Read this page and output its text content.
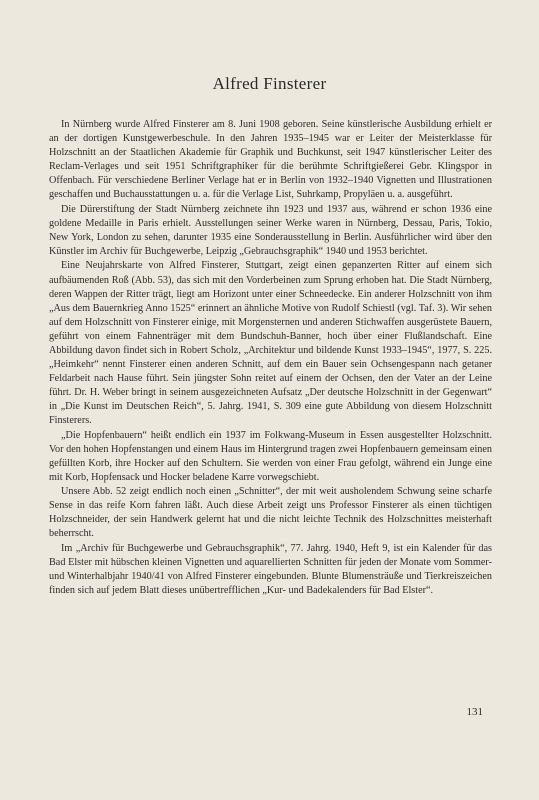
Alfred Finsterer

In Nürnberg wurde Alfred Finsterer am 8. Juni 1908 geboren. Seine künstlerische Ausbildung erhielt er an der dortigen Kunstgewerbeschule. In den Jahren 1935–1945 war er Leiter der Meisterklasse für Holzschnitt an der Staatlichen Akademie für Graphik und Buchkunst, seit 1947 künstlerischer Leiter des Reclam-Verlages und seit 1951 Schriftgraphiker für die berühmte Schriftgießerei Gebr. Klingspor in Offenbach. Für verschiedene Berliner Verlage hat er in Berlin von 1932–1940 Vignetten und Illustrationen geschaffen und Buchausstattungen u. a. für die Verlage List, Suhrkamp, Propyläen u. a. ausgeführt.

Die Dürerstiftung der Stadt Nürnberg zeichnete ihn 1923 und 1937 aus, während er schon 1936 eine goldene Medaille in Paris erhielt. Ausstellungen seiner Werke waren in Nürnberg, Dessau, Paris, Tokio, New York, London zu sehen, darunter 1935 eine Sonderausstellung in Berlin. Ausführlicher wird über den Künstler im Archiv für Buchgewerbe, Leipzig „Gebrauchsgraphik“ 1940 und 1953 berichtet.

Eine Neujahrskarte von Alfred Finsterer, Stuttgart, zeigt einen gepanzerten Ritter auf einem sich aufbäumenden Roß (Abb. 53), das sich mit den Vorderbeinen zum Sprung erhoben hat. Die Stadt Nürnberg, deren Wappen der Ritter trägt, liegt am Horizont unter einer Schneedecke. Ein anderer Holzschnitt von ihm „Aus dem Bauernkrieg Anno 1525“ erinnert an ähnliche Motive von Rudolf Schiestl (vgl. Taf. 3). Wir sehen auf dem Holzschnitt von Finsterer einige, mit Morgensternen und anderen Stichwaffen ausgerüstete Bauern, geführt von einem Fahnenträger mit dem Bundschuh-Banner, hoch über einer Flußlandschaft. Eine Abbildung davon findet sich in Robert Scholz, „Architektur und bildende Kunst 1933–1945“, 1977, S. 225. „Heimkehr“ nennt Finsterer einen anderen Schnitt, auf dem ein Bauer sein Ochsengespann nach getaner Feldarbeit nach Hause führt. Sein jüngster Sohn reitet auf einem der Ochsen, den der Vater an der Leine führt. Dr. H. Weber bringt in seinem ausgezeichneten Aufsatz „Der deutsche Holzschnitt in der Gegenwart“ in „Die Kunst im Deutschen Reich“, 5. Jahrg. 1941, S. 309 eine gute Abbildung von diesem Holzschnitt Finsterers.

„Die Hopfenbauern“ heißt endlich ein 1937 im Folkwang-Museum in Essen ausgestellter Holzschnitt. Vor den hohen Hopfenstangen und einem Haus im Hintergrund tragen zwei Hopfenbauern gemeinsam einen gefüllten Korb, ihre Hocker auf den Schultern. Sie werden von einer Frau gefolgt, während ein Junge eine mit Korb, Hopfensack und Hocker beladene Karre vorwegschiebt.

Unsere Abb. 52 zeigt endlich noch einen „Schnitter“, der mit weit ausholendem Schwung seine scharfe Sense in das reife Korn fahren läßt. Auch diese Arbeit zeigt uns Professor Finsterer als einen tüchtigen Holzschneider, der sein Handwerk gelernt hat und die nicht leichte Technik des Holzschnittes meisterhaft beherrscht.

Im „Archiv für Buchgewerbe und Gebrauchsgraphik“, 77. Jahrg. 1940, Heft 9, ist ein Kalender für das Bad Elster mit hübschen kleinen Vignetten und aquarellierten Schnitten für jeden der Monate vom Sommer- und Winterhalbjahr 1940/41 von Alfred Finsterer eingebunden. Blunte Blumensträuße und Tierkreiszeichen finden sich auf jedem Blatt dieses unübertrefflichen „Kur- und Badekalenders für Bad Elster“.

131
